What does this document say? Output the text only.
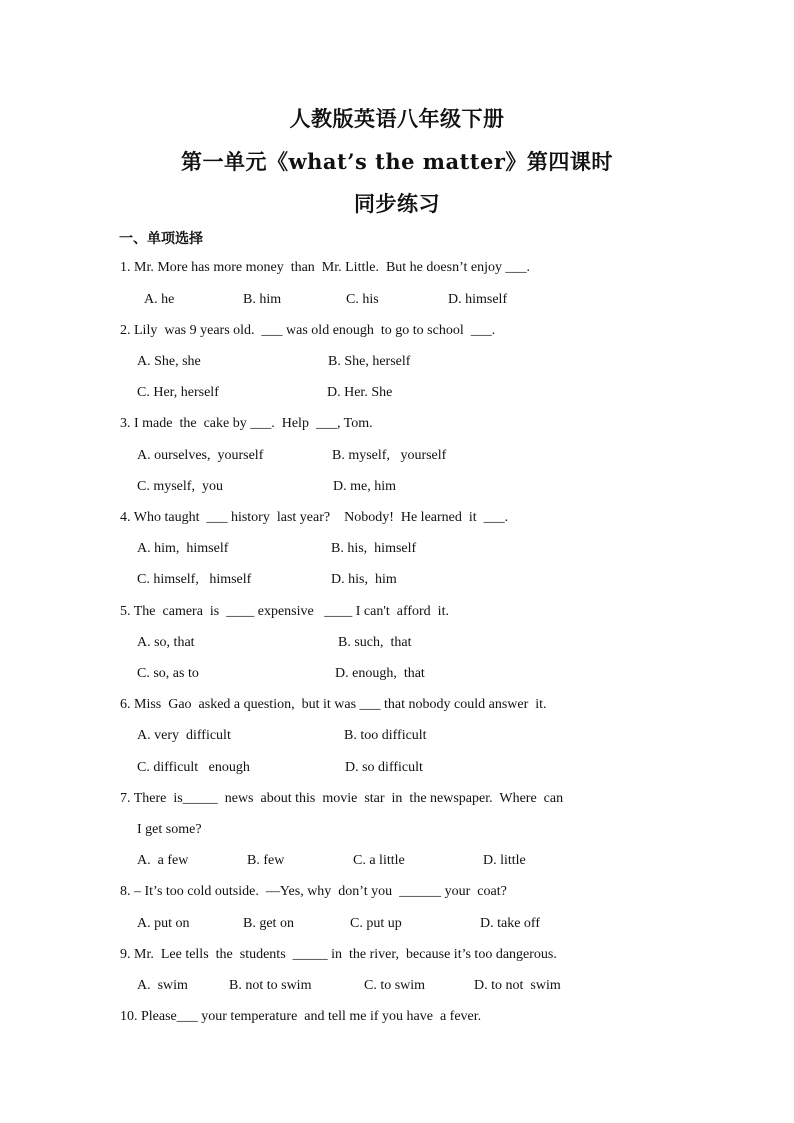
人教版英语八年级下册
第一单元《what’s the matter》第四课时
同步练习
一、单项选择
1. Mr. More has more money  than  Mr. Little.  But he doesn’t enjoy ___.
A. he	B. him	C. his	D. himself
2. Lily  was 9 years old.  ___ was old enough  to go to school  ___.
A. She, she	B. She, herself
C. Her, herself	D. Her. She
3. I made  the  cake by ___.  Help  ___, Tom.
A. ourselves,  yourself	B. myself,   yourself
C. myself,  you	D. me, him
4. Who taught  ___ history  last year?    Nobody!  He learned  it  ___.
A. him,  himself	B. his,  himself
C. himself,   himself	D. his,  him
5. The  camera  is  ____ expensive   ____ I can't  afford  it.
A. so, that	B. such,  that
C. so, as to	D. enough,  that
6. Miss  Gao  asked a question,  but it was ___ that nobody could answer  it.
A. very  difficult	B. too difficult
C. difficult   enough	D. so difficult
7. There  is_____  news  about this  movie  star  in  the newspaper.  Where  can
I get some?
A.  a few	B. few	C. a little	D. little
8. – It’s too cold outside.  —Yes, why  don’t you  ______ your  coat?
A. put on	B. get on	C. put up	D. take off
9. Mr.  Lee tells  the  students  _____ in  the river,  because it’s too dangerous.
A.  swim	B. not to swim	C. to swim	D. to not  swim
10. Please___ your temperature  and tell me if you have  a fever.
